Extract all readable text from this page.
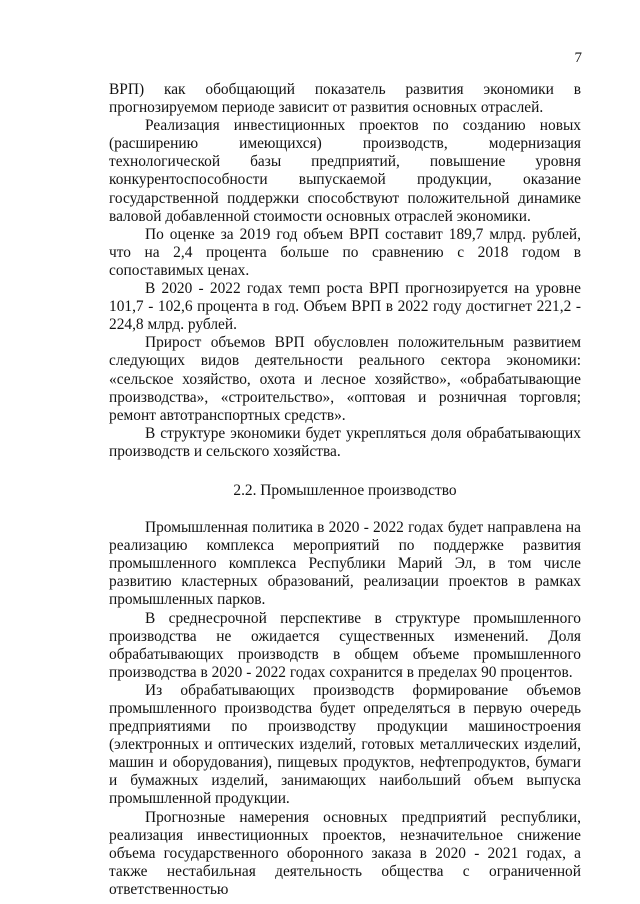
7

ВРП) как обобщающий показатель развития экономики в прогнозируемом периоде зависит от развития основных отраслей.

Реализация инвестиционных проектов по созданию новых (расширению имеющихся) производств, модернизация технологической базы предприятий, повышение уровня конкурентоспособности выпускаемой продукции, оказание государственной поддержки способствуют положительной динамике валовой добавленной стоимости основных отраслей экономики.

По оценке за 2019 год объем ВРП составит 189,7 млрд. рублей, что на 2,4 процента больше по сравнению с 2018 годом в сопоставимых ценах.

В 2020 - 2022 годах темп роста ВРП прогнозируется на уровне 101,7 - 102,6 процента в год. Объем ВРП в 2022 году достигнет 221,2 - 224,8 млрд. рублей.

Прирост объемов ВРП обусловлен положительным развитием следующих видов деятельности реального сектора экономики: «сельское хозяйство, охота и лесное хозяйство», «обрабатывающие производства», «строительство», «оптовая и розничная торговля; ремонт автотранспортных средств».

В структуре экономики будет укрепляться доля обрабатывающих производств и сельского хозяйства.

2.2. Промышленное производство

Промышленная политика в 2020 - 2022 годах будет направлена на реализацию комплекса мероприятий по поддержке развития промышленного комплекса Республики Марий Эл, в том числе развитию кластерных образований, реализации проектов в рамках промышленных парков.

В среднесрочной перспективе в структуре промышленного производства не ожидается существенных изменений. Доля обрабатывающих производств в общем объеме промышленного производства в 2020 - 2022 годах сохранится в пределах 90 процентов.

Из обрабатывающих производств формирование объемов промышленного производства будет определяться в первую очередь предприятиями по производству продукции машиностроения (электронных и оптических изделий, готовых металлических изделий, машин и оборудования), пищевых продуктов, нефтепродуктов, бумаги и бумажных изделий, занимающих наибольший объем выпуска промышленной продукции.

Прогнозные намерения основных предприятий республики, реализация инвестиционных проектов, незначительное снижение объема государственного оборонного заказа в 2020 - 2021 годах, а также нестабильная деятельность общества с ограниченной ответственностью
